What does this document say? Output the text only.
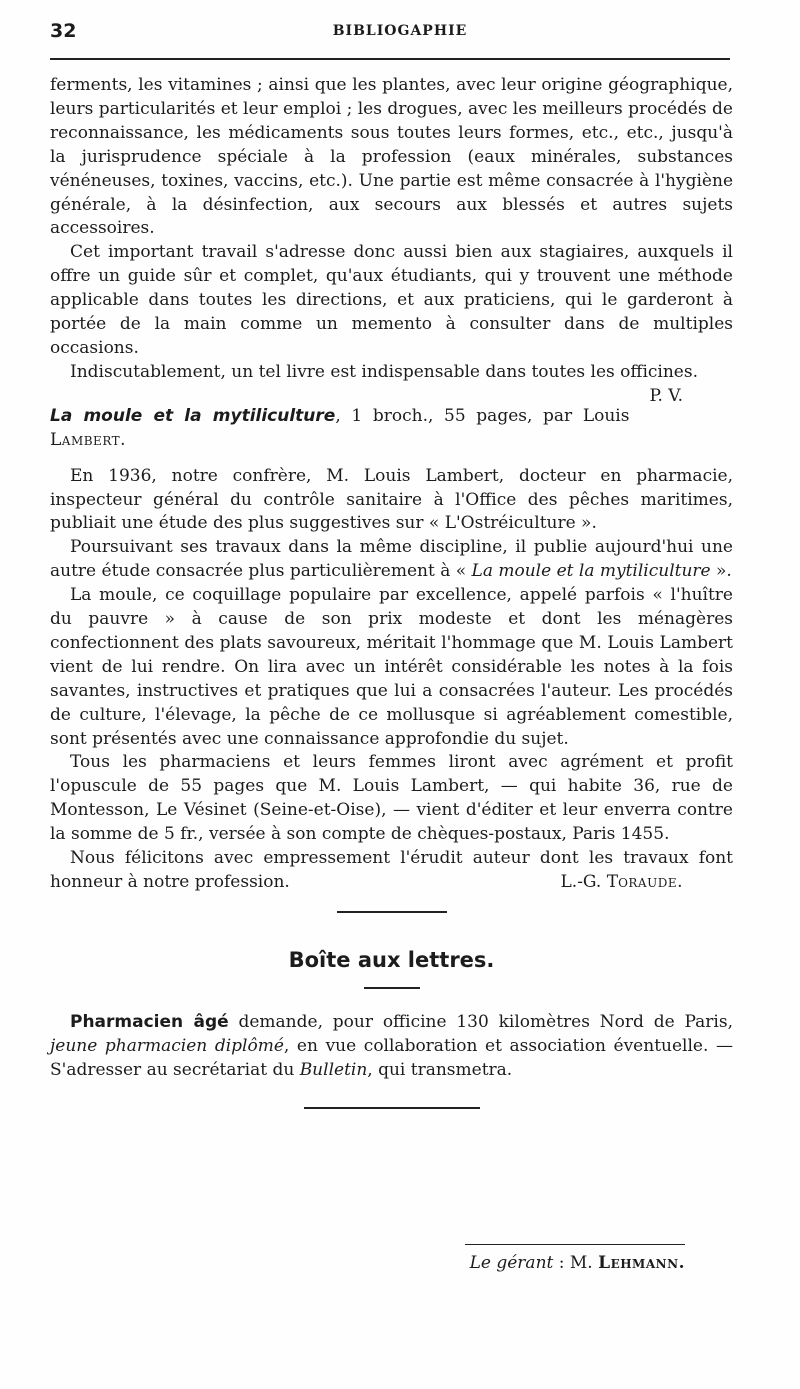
32	BIBLIOGAPHIE

ferments, les vitamines ; ainsi que les plantes, avec leur origine géographique, leurs particularités et leur emploi ; les drogues, avec les meilleurs procédés de reconnaissance, les médicaments sous toutes leurs formes, etc., etc., jusqu'à la jurisprudence spéciale à la profession (eaux minérales, substances vénéneuses, toxines, vaccins, etc.). Une partie est même consacrée à l'hygiène générale, à la désinfection, aux secours aux blessés et autres sujets accessoires.

Cet important travail s'adresse donc aussi bien aux stagiaires, auxquels il offre un guide sûr et complet, qu'aux étudiants, qui y trouvent une méthode applicable dans toutes les directions, et aux praticiens, qui le garderont à portée de la main comme un memento à consulter dans de multiples occasions.

Indiscutablement, un tel livre est indispensable dans toutes les officines.
P. V.

La moule et la mytiliculture, 1 broch., 55 pages, par Louis Lambert.

En 1936, notre confrère, M. Louis Lambert, docteur en pharmacie, inspecteur général du contrôle sanitaire à l'Office des pêches maritimes, publiait une étude des plus suggestives sur « L'Ostréiculture ».

Poursuivant ses travaux dans la même discipline, il publie aujourd'hui une autre étude consacrée plus particulièrement à « La moule et la mytiliculture ».

La moule, ce coquillage populaire par excellence, appelé parfois « l'huître du pauvre » à cause de son prix modeste et dont les ménagères confectionnent des plats savoureux, méritait l'hommage que M. Louis Lambert vient de lui rendre. On lira avec un intérêt considérable les notes à la fois savantes, instructives et pratiques que lui a consacrées l'auteur. Les procédés de culture, l'élevage, la pêche de ce mollusque si agréablement comestible, sont présentés avec une connaissance approfondie du sujet.

Tous les pharmaciens et leurs femmes liront avec agrément et profit l'opuscule de 55 pages que M. Louis Lambert, — qui habite 36, rue de Montesson, Le Vésinet (Seine-et-Oise), — vient d'éditer et leur enverra contre la somme de 5 fr., versée à son compte de chèques-postaux, Paris 1455.

Nous félicitons avec empressement l'érudit auteur dont les travaux font honneur à notre profession.	L.-G. Toraude.

Boîte aux lettres.

Pharmacien âgé demande, pour officine 130 kilomètres Nord de Paris, jeune pharmacien diplômé, en vue collaboration et association éventuelle. — S'adresser au secrétariat du Bulletin, qui transmetra.

Le gérant : M. Lehmann.
